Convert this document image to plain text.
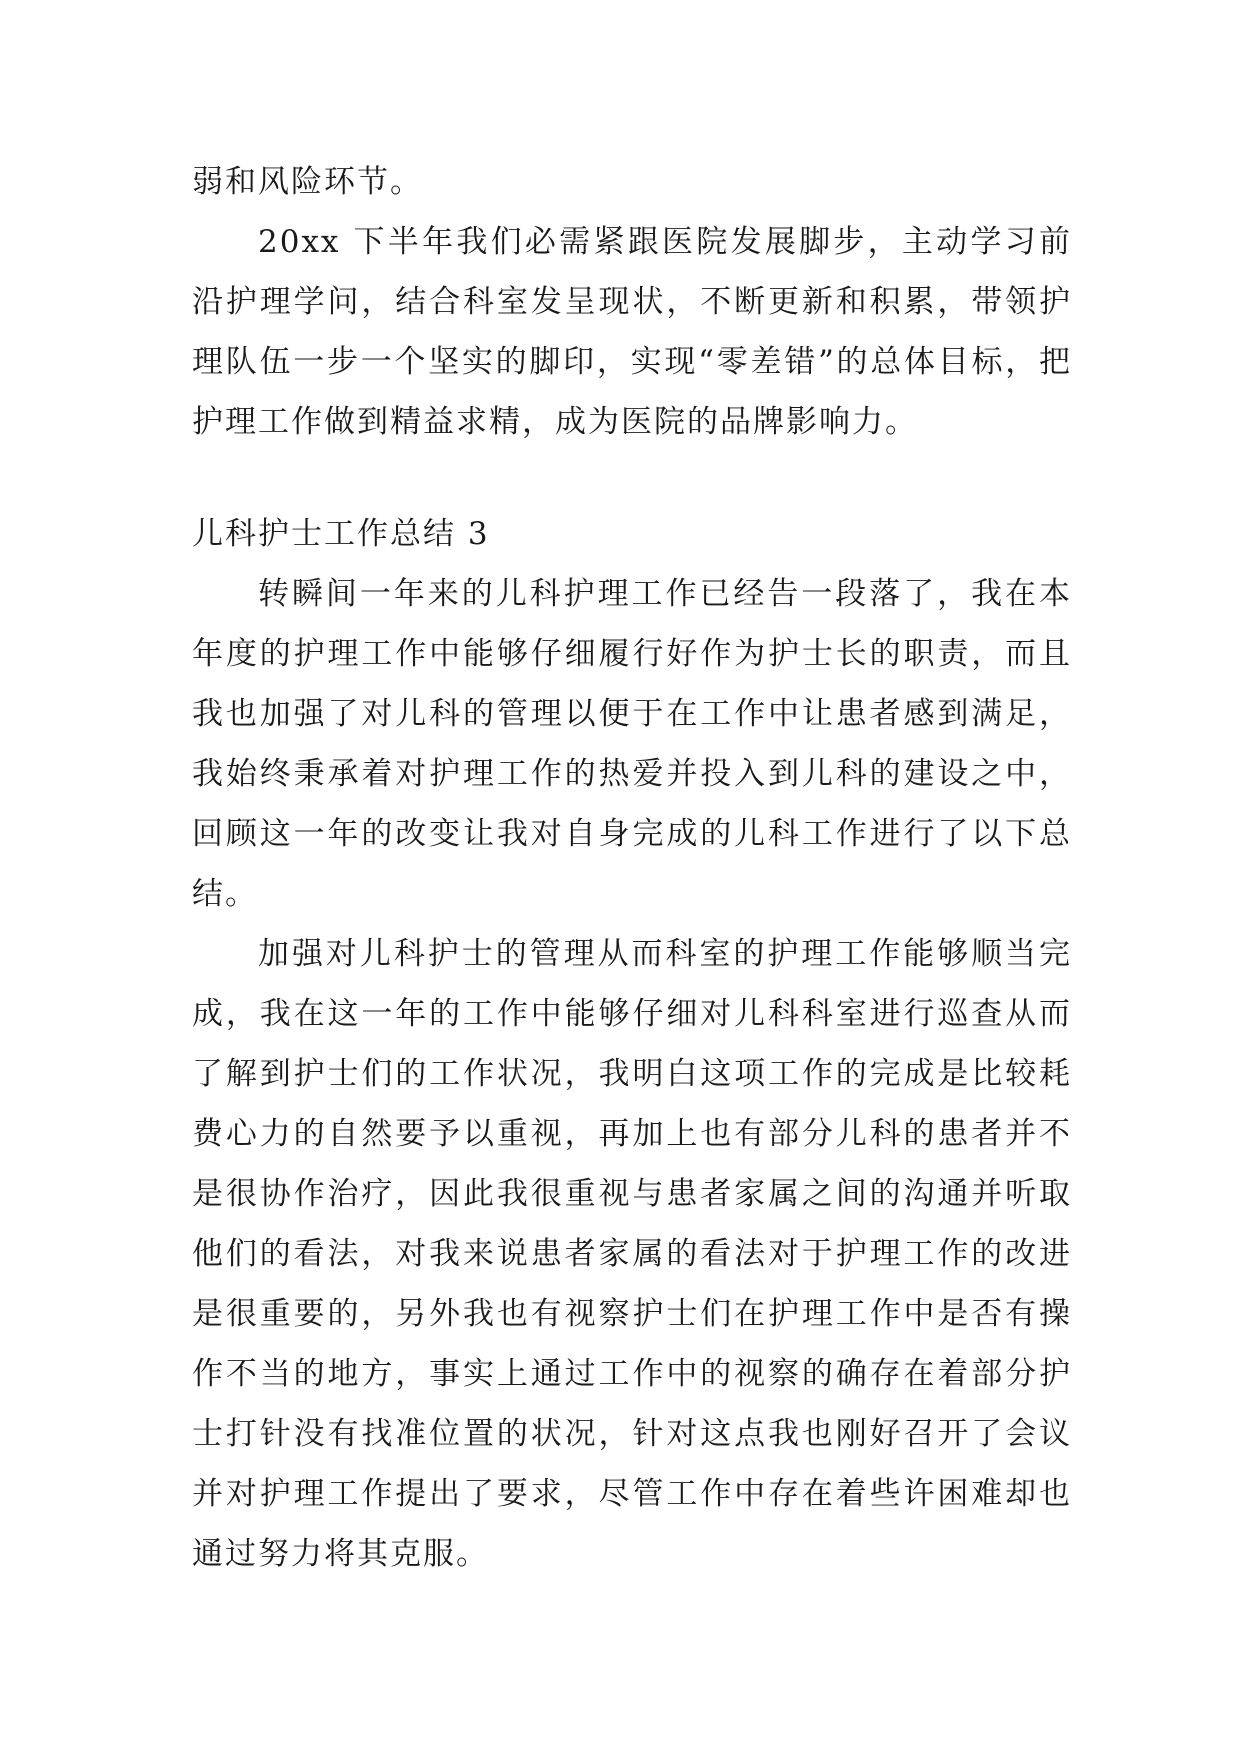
弱和风险环节。

20xx 下半年我们必需紧跟医院发展脚步，主动学习前沿护理学问，结合科室发呈现状，不断更新和积累，带领护理队伍一步一个坚实的脚印，实现“零差错”的总体目标，把护理工作做到精益求精，成为医院的品牌影响力。

儿科护士工作总结 3

转瞬间一年来的儿科护理工作已经告一段落了，我在本年度的护理工作中能够仔细履行好作为护士长的职责，而且我也加强了对儿科的管理以便于在工作中让患者感到满足，我始终秉承着对护理工作的热爱并投入到儿科的建设之中，回顾这一年的改变让我对自身完成的儿科工作进行了以下总结。

加强对儿科护士的管理从而科室的护理工作能够顺当完成，我在这一年的工作中能够仔细对儿科科室进行巡查从而了解到护士们的工作状况，我明白这项工作的完成是比较耗费心力的自然要予以重视，再加上也有部分儿科的患者并不是很协作治疗，因此我很重视与患者家属之间的沟通并听取他们的看法，对我来说患者家属的看法对于护理工作的改进是很重要的，另外我也有视察护士们在护理工作中是否有操作不当的地方，事实上通过工作中的视察的确存在着部分护士打针没有找准位置的状况，针对这点我也刚好召开了会议并对护理工作提出了要求，尽管工作中存在着些许困难却也通过努力将其克服。
